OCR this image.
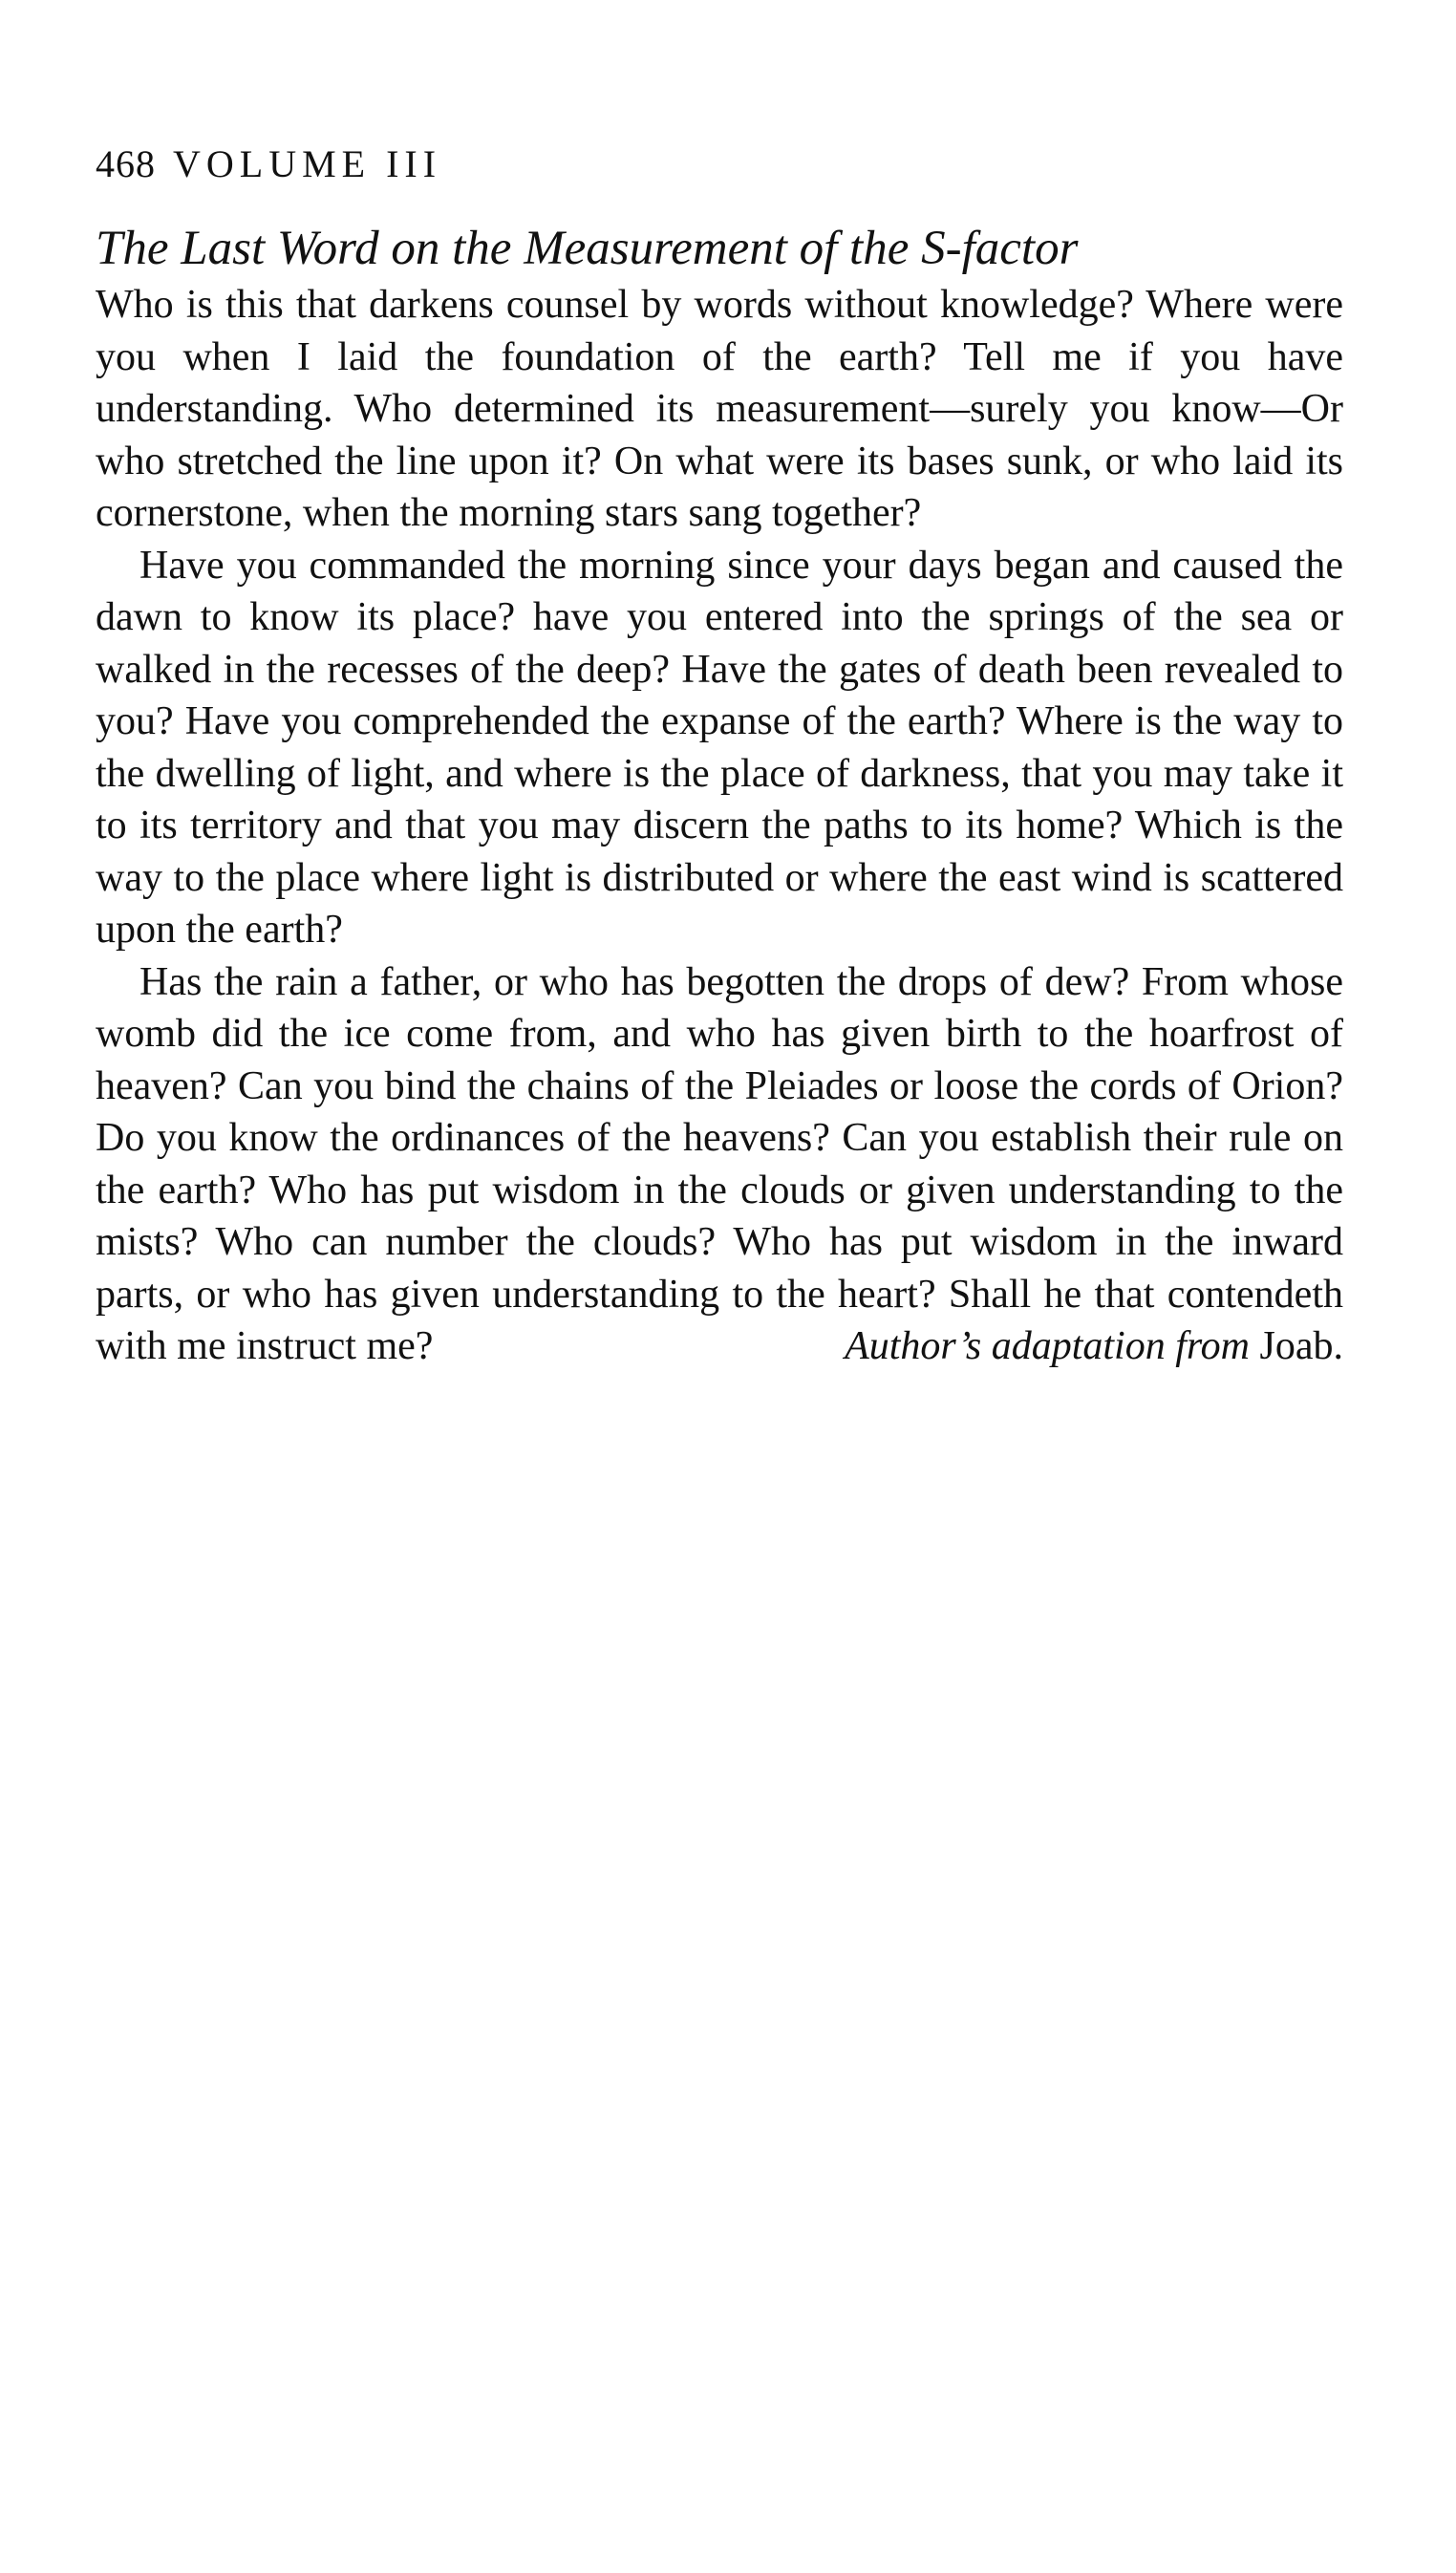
468 VOLUME III
The Last Word on the Measurement of the S-factor

Who is this that darkens counsel by words without knowledge? Where were you when I laid the foundation of the earth? Tell me if you have understanding. Who determined its measurement—surely you know—Or who stretched the line upon it? On what were its bases sunk, or who laid its cornerstone, when the morning stars sang together?

Have you commanded the morning since your days began and caused the dawn to know its place? have you entered into the springs of the sea or walked in the recesses of the deep? Have the gates of death been revealed to you? Have you comprehended the expanse of the earth? Where is the way to the dwelling of light, and where is the place of darkness, that you may take it to its territory and that you may discern the paths to its home? Which is the way to the place where light is distributed or where the east wind is scattered upon the earth?

Has the rain a father, or who has begotten the drops of dew? From whose womb did the ice come from, and who has given birth to the hoarfrost of heaven? Can you bind the chains of the Pleiades or loose the cords of Orion? Do you know the ordinances of the heavens? Can you establish their rule on the earth? Who has put wisdom in the clouds or given understanding to the mists? Who can number the clouds? Who has put wisdom in the inward parts, or who has given understanding to the heart? Shall he that contendeth with me instruct me?	Author’s adaptation from Joab.
